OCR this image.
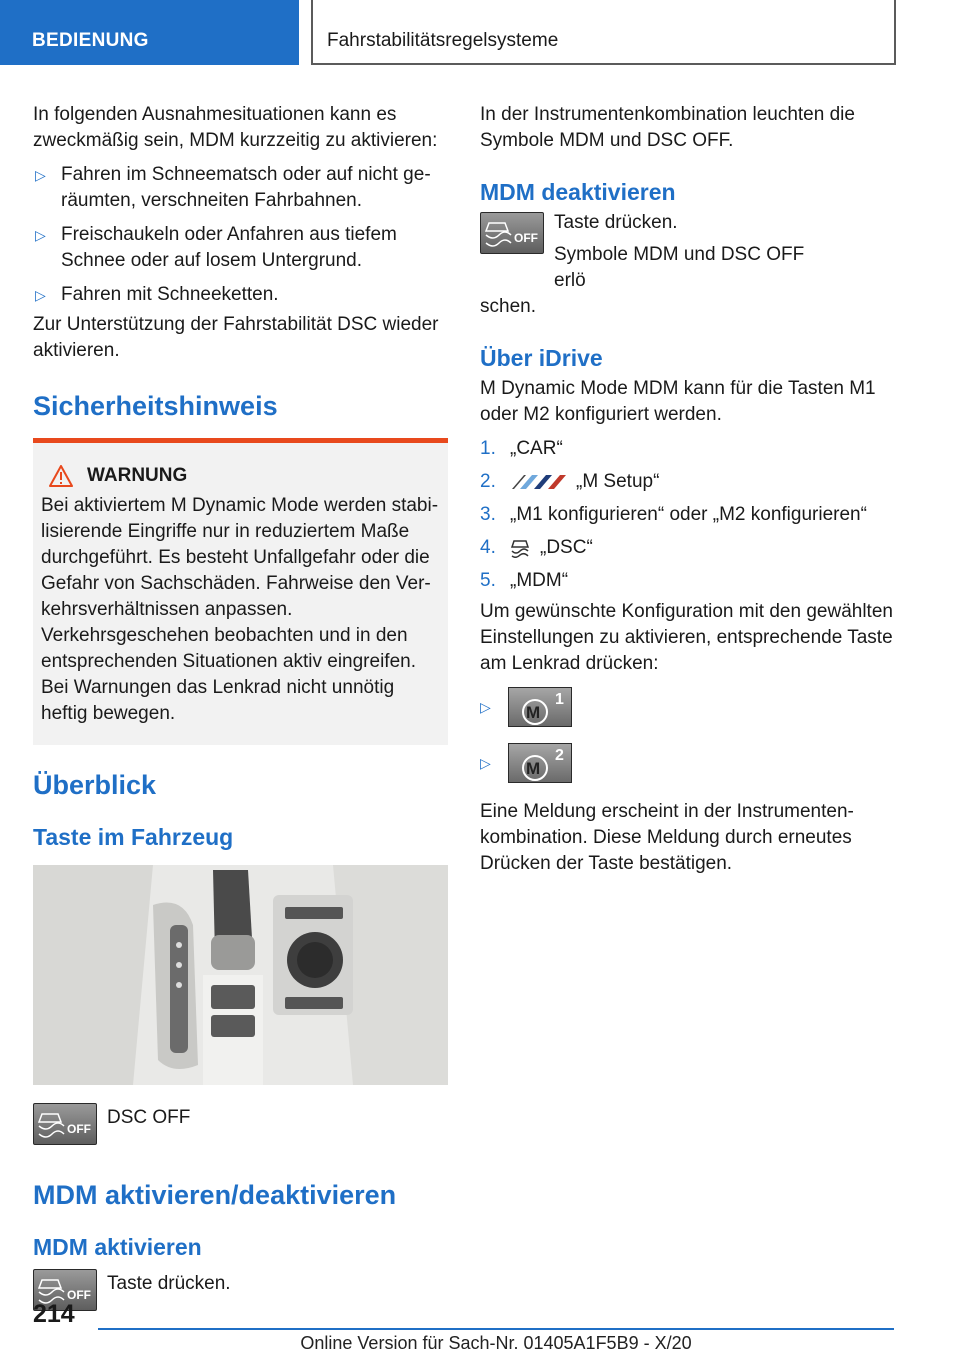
BEDIENUNG	Fahrstabilitätsregelsysteme

In folgenden Ausnahmesituationen kann es zweckmäßig sein, MDM kurzzeitig zu aktivieren:

▷ Fahren im Schneematsch oder auf nicht geräumten, verschneiten Fahrbahnen.
▷ Freischaukeln oder Anfahren aus tiefem Schnee oder auf losem Untergrund.
▷ Fahren mit Schneeketten.

Zur Unterstützung der Fahrstabilität DSC wieder aktivieren.

Sicherheitshinweis
WARNUNG

Bei aktiviertem M Dynamic Mode werden stabilisierende Eingriffe nur in reduziertem Maße durchgeführt. Es besteht Unfallgefahr oder die Gefahr von Sachschäden. Fahrweise den Verkehrsverhältnissen anpassen. Verkehrsgeschehen beobachten und in den entsprechenden Situationen aktiv eingreifen. Bei Warnungen das Lenkrad nicht unnötig heftig bewegen.

Überblick
Taste im Fahrzeug
OFF
DSC OFF
MDM aktivieren/deaktivieren
MDM aktivieren
OFF
Taste drücken.

In der Instrumentenkombination leuchten die Symbole MDM und DSC OFF.

MDM deaktivieren
OFF

Taste drücken.

Symbole MDM und DSC OFF erlö

schen.

Über iDrive

M Dynamic Mode MDM kann für die Tasten M1 oder M2 konfiguriert werden.

1. „CAR“
2.	„M Setup“
3. „M1 konfigurieren“ oder „M2 konfigurieren“
4. „DSC“
5. „MDM“

Um gewünschte Konfiguration mit den gewählten Einstellungen zu aktivieren, entsprechende Taste am Lenkrad drücken:

▷	M
1
▷	M
2

Eine Meldung erscheint in der Instrumentenkombination. Diese Meldung durch erneutes Drücken der Taste bestätigen.

214
Online Version für Sach-Nr. 01405A1F5B9 - X/20
